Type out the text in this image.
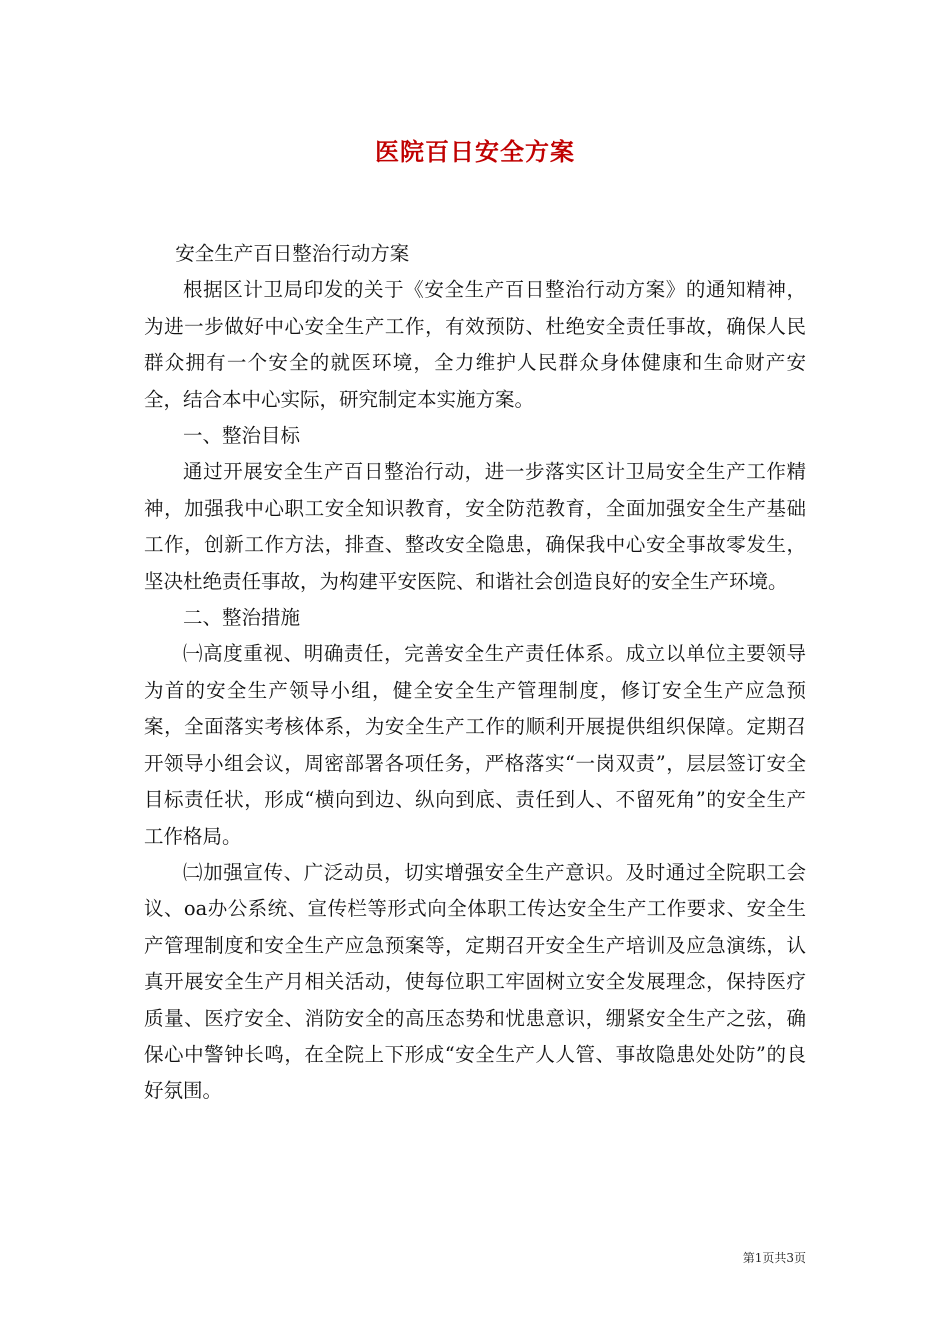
医院百日安全方案

安全生产百日整治行动方案

根据区计卫局印发的关于《安全生产百日整治行动方案》的通知精神，为进一步做好中心安全生产工作，有效预防、杜绝安全责任事故，确保人民群众拥有一个安全的就医环境，全力维护人民群众身体健康和生命财产安全，结合本中心实际，研究制定本实施方案。

一、整治目标

通过开展安全生产百日整治行动，进一步落实区计卫局安全生产工作精神，加强我中心职工安全知识教育，安全防范教育，全面加强安全生产基础工作，创新工作方法，排查、整改安全隐患，确保我中心安全事故零发生，坚决杜绝责任事故，为构建平安医院、和谐社会创造良好的安全生产环境。

二、整治措施

㈠高度重视、明确责任，完善安全生产责任体系。成立以单位主要领导为首的安全生产领导小组，健全安全生产管理制度，修订安全生产应急预案，全面落实考核体系，为安全生产工作的顺利开展提供组织保障。定期召开领导小组会议，周密部署各项任务，严格落实“一岗双责”，层层签订安全目标责任状，形成“横向到边、纵向到底、责任到人、不留死角”的安全生产工作格局。

㈡加强宣传、广泛动员，切实增强安全生产意识。及时通过全院职工会议、oa办公系统、宣传栏等形式向全体职工传达安全生产工作要求、安全生产管理制度和安全生产应急预案等，定期召开安全生产培训及应急演练，认真开展安全生产月相关活动，使每位职工牢固树立安全发展理念，保持医疗质量、医疗安全、消防安全的高压态势和忧患意识，绷紧安全生产之弦，确保心中警钟长鸣，在全院上下形成“安全生产人人管、事故隐患处处防”的良好氛围。

第1页共3页
